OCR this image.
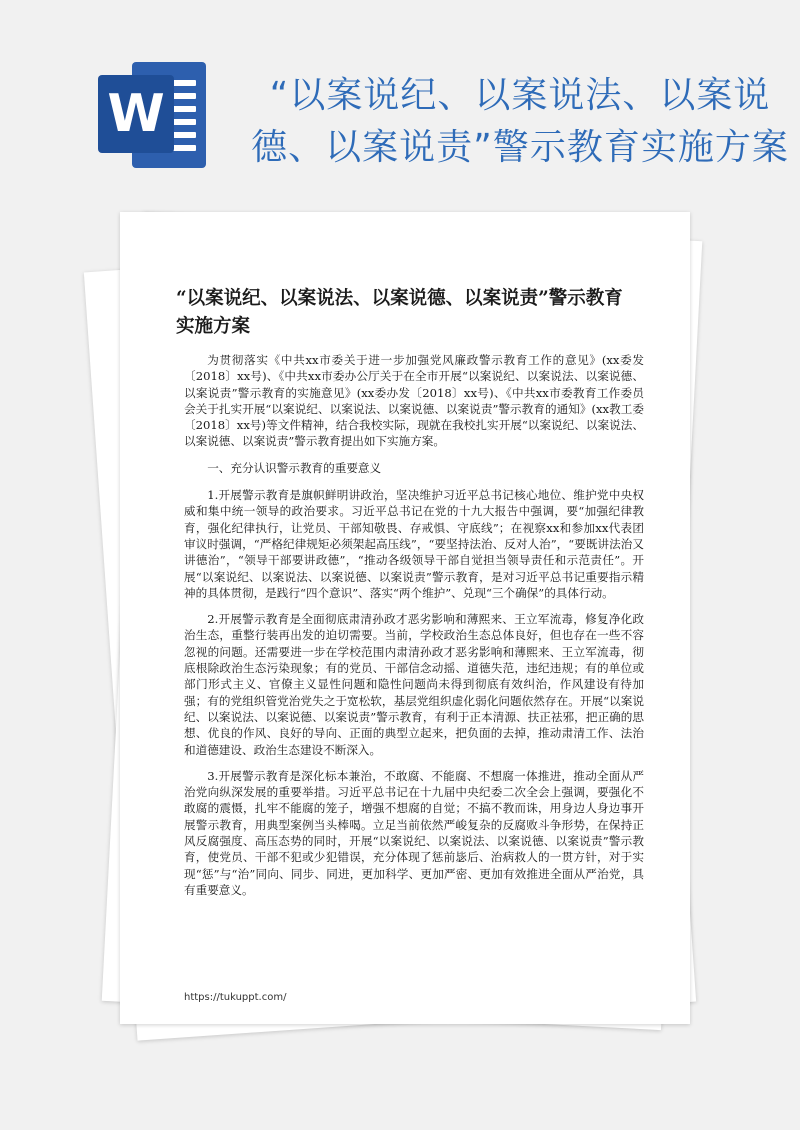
W	“以案说纪、以案说法、以案说德、以案说责”警示教育实施方案
“以案说纪、以案说法、以案说德、以案说责”警示教育实施方案

为贯彻落实《中共xx市委关于进一步加强党风廉政警示教育工作的意见》(xx委发〔2018〕xx号)、《中共xx市委办公厅关于在全市开展“以案说纪、以案说法、以案说德、以案说责”警示教育的实施意见》(xx委办发〔2018〕xx号)、《中共xx市委教育工作委员会关于扎实开展“以案说纪、以案说法、以案说德、以案说责”警示教育的通知》(xx教工委〔2018〕xx号)等文件精神，结合我校实际，现就在我校扎实开展“以案说纪、以案说法、以案说德、以案说责”警示教育提出如下实施方案。

一、充分认识警示教育的重要意义

1.开展警示教育是旗帜鲜明讲政治，坚决维护习近平总书记核心地位、维护党中央权威和集中统一领导的政治要求。习近平总书记在党的十九大报告中强调，要“加强纪律教育，强化纪律执行，让党员、干部知敬畏、存戒惧、守底线”；在视察xx和参加xx代表团审议时强调，“严格纪律规矩必须架起高压线”，“要坚持法治、反对人治”，“要既讲法治又讲德治”，“领导干部要讲政德”，“推动各级领导干部自觉担当领导责任和示范责任”。开展“以案说纪、以案说法、以案说德、以案说责”警示教育，是对习近平总书记重要指示精神的具体贯彻，是践行“四个意识”、落实“两个维护”、兑现“三个确保”的具体行动。

2.开展警示教育是全面彻底肃清孙政才恶劣影响和薄熙来、王立军流毒，修复净化政治生态，重整行装再出发的迫切需要。当前，学校政治生态总体良好，但也存在一些不容忽视的问题。还需要进一步在学校范围内肃清孙政才恶劣影响和薄熙来、王立军流毒，彻底根除政治生态污染现象；有的党员、干部信念动摇、道德失范，违纪违规；有的单位或部门形式主义、官僚主义显性问题和隐性问题尚未得到彻底有效纠治，作风建设有待加强；有的党组织管党治党失之于宽松软，基层党组织虚化弱化问题依然存在。开展“以案说纪、以案说法、以案说德、以案说责”警示教育，有利于正本清源、扶正祛邪，把正确的思想、优良的作风、良好的导向、正面的典型立起来，把负面的去掉，推动肃清工作、法治和道德建设、政治生态建设不断深入。

3.开展警示教育是深化标本兼治，不敢腐、不能腐、不想腐一体推进，推动全面从严治党向纵深发展的重要举措。习近平总书记在十九届中央纪委二次全会上强调，要强化不敢腐的震慑，扎牢不能腐的笼子，增强不想腐的自觉；不搞不教而诛，用身边人身边事开展警示教育，用典型案例当头棒喝。立足当前依然严峻复杂的反腐败斗争形势，在保持正风反腐强度、高压态势的同时，开展“以案说纪、以案说法、以案说德、以案说责”警示教育，使党员、干部不犯或少犯错误，充分体现了惩前毖后、治病救人的一贯方针，对于实现“惩”与“治”同向、同步、同进，更加科学、更加严密、更加有效推进全面从严治党，具有重要意义。

https://tukuppt.com/
